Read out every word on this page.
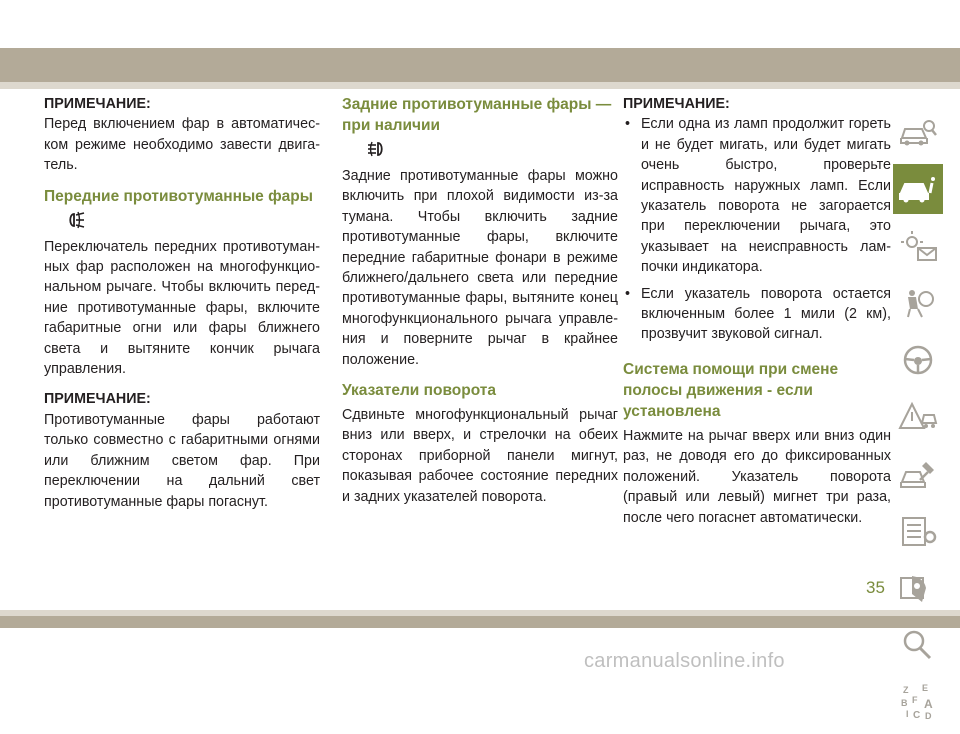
ПРИМЕЧАНИЕ:

Перед включением фар в автоматическом режиме необходимо завести двигатель.

Передние противотуманные фары

Переключатель передних противотуманных фар расположен на многофункциональном рычаге. Чтобы включить передние противотуманные фары, включите габаритные огни или фары ближнего света и вытяните кончик рычага управления.

ПРИМЕЧАНИЕ:

Противотуманные фары работают только совместно с габаритными огнями или ближним светом фар. При переключении на дальний свет противотуманные фары погаснут.

Задние противотуманные фары — при наличии

Задние противотуманные фары можно включить при плохой видимости из-за тумана. Чтобы включить задние противотуманные фары, включите передние габаритные фонари в режиме ближнего/дальнего света или передние противотуманные фары, вытяните конец многофункционального рычага управления и поверните рычаг в крайнее положение.

Указатели поворота

Сдвиньте многофункциональный рычаг вниз или вверх, и стрелочки на обеих сторонах приборной панели мигнут, показывая рабочее состояние передних и задних указателей поворота.

ПРИМЕЧАНИЕ:

• Если одна из ламп продолжит гореть и не будет мигать, или будет мигать очень быстро, проверьте исправность наружных ламп. Если указатель поворота не загорается при переключении рычага, это указывает на неисправность лампочки индикатора.
• Если указатель поворота остается включенным более 1 мили (2 км), прозвучит звуковой сигнал.
Система помощи при смене полосы движения - если установлена

Нажмите на рычаг вверх или вниз один раз, не доводя его до фиксированных положений. Указатель поворота (правый или левый) мигнет три раза, после чего погаснет автоматически.

Z E
B F A
I C D
35
carmanualsonline.info
